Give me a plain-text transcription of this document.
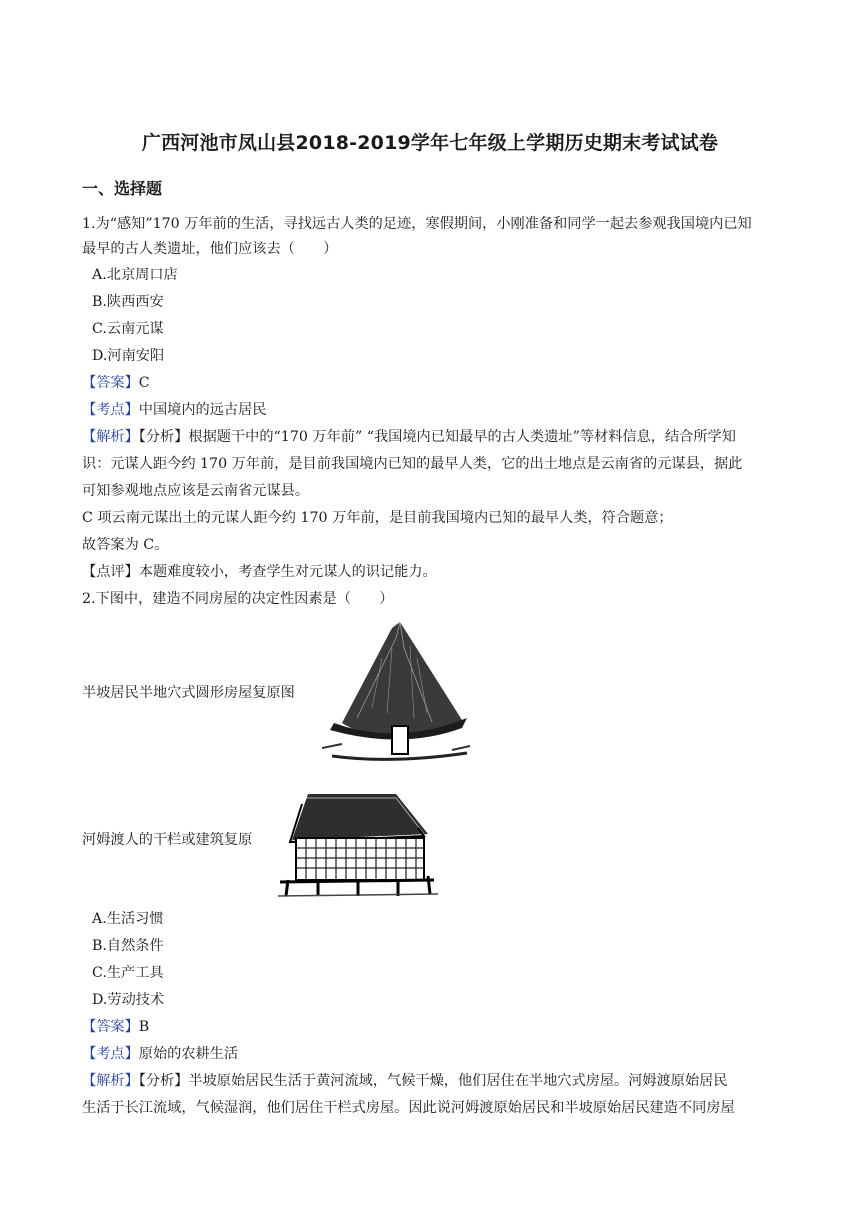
广西河池市凤山县2018-2019学年七年级上学期历史期末考试试卷
一、选择题
1.为“感知”170 万年前的生活，寻找远古人类的足迹，寒假期间，小刚准备和同学一起去参观我国境内已知
最早的古人类遗址，他们应该去（　　）
A.北京周口店
B.陕西西安
C.云南元谋
D.河南安阳
【答案】C
【考点】中国境内的远古居民
【解析】【分析】根据题干中的“170 万年前” “我国境内已知最早的古人类遗址”等材料信息，结合所学知
识：元谋人距今约 170 万年前，是目前我国境内已知的最早人类，它的出土地点是云南省的元谋县，据此
可知参观地点应该是云南省元谋县。
C 项云南元谋出土的元谋人距今约 170 万年前，是目前我国境内已知的最早人类，符合题意；
故答案为 C。
【点评】本题难度较小，考查学生对元谋人的识记能力。
2.下图中，建造不同房屋的决定性因素是（　　）
半坡居民半地穴式圆形房屋复原图
河姆渡人的干栏或建筑复原
A.生活习惯
B.自然条件
C.生产工具
D.劳动技术
【答案】B
【考点】原始的农耕生活
【解析】【分析】半坡原始居民生活于黄河流域，气候干燥，他们居住在半地穴式房屋。河姆渡原始居民
生活于长江流域，气候湿润，他们居住干栏式房屋。因此说河姆渡原始居民和半坡原始居民建造不同房屋
